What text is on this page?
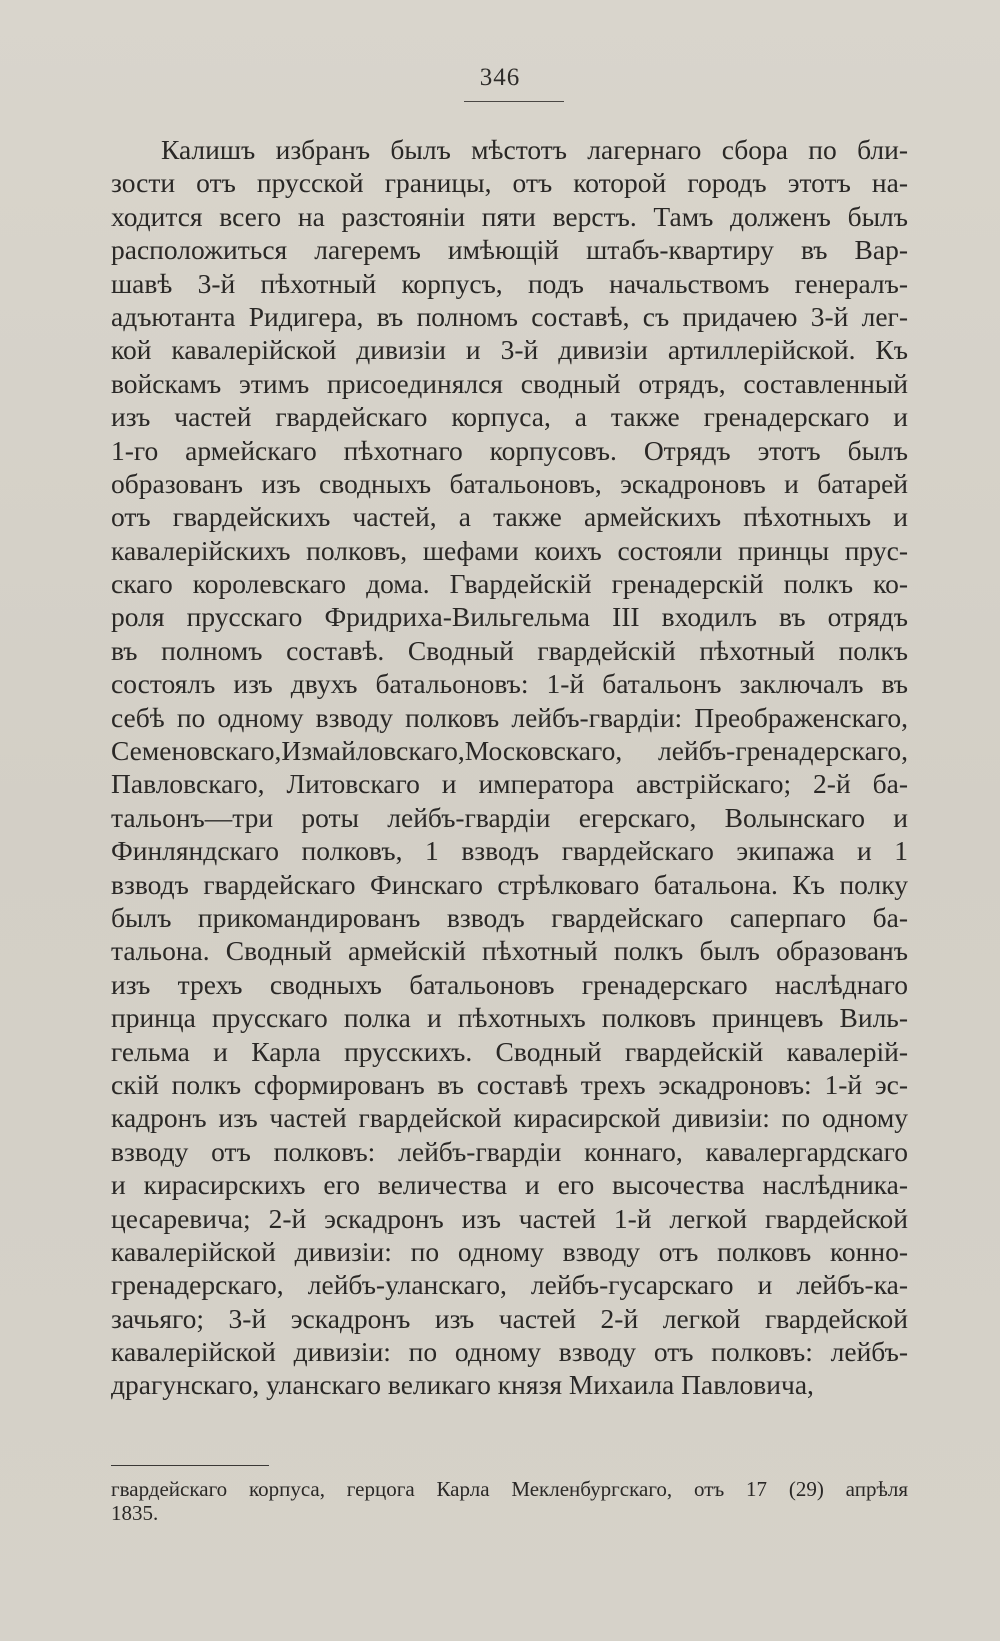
346
Калишъ избранъ былъ мѣстотъ лагернаго сбора по бли-
зости отъ прусской границы, отъ которой городъ этотъ на-
ходится всего на разстояніи пяти верстъ. Тамъ долженъ былъ
расположиться лагеремъ имѣющій штабъ-квартиру въ Вар-
шавѣ 3-й пѣхотный корпусъ, подъ начальствомъ генералъ-
адъютанта Ридигера, въ полномъ составѣ, съ придачею 3-й лег-
кой кавалерійской дивизіи и 3-й дивизіи артиллерійской. Къ
войскамъ этимъ присоединялся сводный отрядъ, составленный
изъ частей гвардейскаго корпуса, а также гренадерскаго и
1-го армейскаго пѣхотнаго корпусовъ. Отрядъ этотъ былъ
образованъ изъ сводныхъ батальоновъ, эскадроновъ и батарей
отъ гвардейскихъ частей, а также армейскихъ пѣхотныхъ и
кавалерійскихъ полковъ, шефами коихъ состояли принцы прус-
скаго королевскаго дома. Гвардейскій гренадерскій полкъ ко-
роля прусскаго Фридриха-Вильгельма III входилъ въ отрядъ
въ полномъ составѣ. Сводный гвардейскій пѣхотный полкъ
состоялъ изъ двухъ батальоновъ: 1-й батальонъ заключалъ въ
себѣ по одному взводу полковъ лейбъ-гвардіи: Преображенскаго,
Семеновскаго,Измайловскаго,Московскаго, лейбъ-гренадерскаго,
Павловскаго, Литовскаго и императора австрійскаго; 2-й ба-
тальонъ—три роты лейбъ-гвардіи егерскаго, Волынскаго и
Финляндскаго полковъ, 1 взводъ гвардейскаго экипажа и 1
взводъ гвардейскаго Финскаго стрѣлковаго батальона. Къ полку
былъ прикомандированъ взводъ гвардейскаго саперпаго ба-
тальона. Сводный армейскій пѣхотный полкъ былъ образованъ
изъ трехъ сводныхъ батальоновъ гренадерскаго наслѣднаго
принца прусскаго полка и пѣхотныхъ полковъ принцевъ Виль-
гельма и Карла прусскихъ. Сводный гвардейскій кавалерій-
скій полкъ сформированъ въ составѣ трехъ эскадроновъ: 1-й эс-
кадронъ изъ частей гвардейской кирасирской дивизіи: по одному
взводу отъ полковъ: лейбъ-гвардіи коннаго, кавалергардскаго
и кирасирскихъ его величества и его высочества наслѣдника-
цесаревича; 2-й эскадронъ изъ частей 1-й легкой гвардейской
кавалерійской дивизіи: по одному взводу отъ полковъ конно-
гренадерскаго, лейбъ-уланскаго, лейбъ-гусарскаго и лейбъ-ка-
зачьяго; 3-й эскадронъ изъ частей 2-й легкой гвардейской
кавалерійской дивизіи: по одному взводу отъ полковъ: лейбъ-
драгунскаго, уланскаго великаго князя Михаила Павловича,
гвардейскаго корпуса, герцога Карла Мекленбургскаго, отъ 17 (29) апрѣля
1835.
